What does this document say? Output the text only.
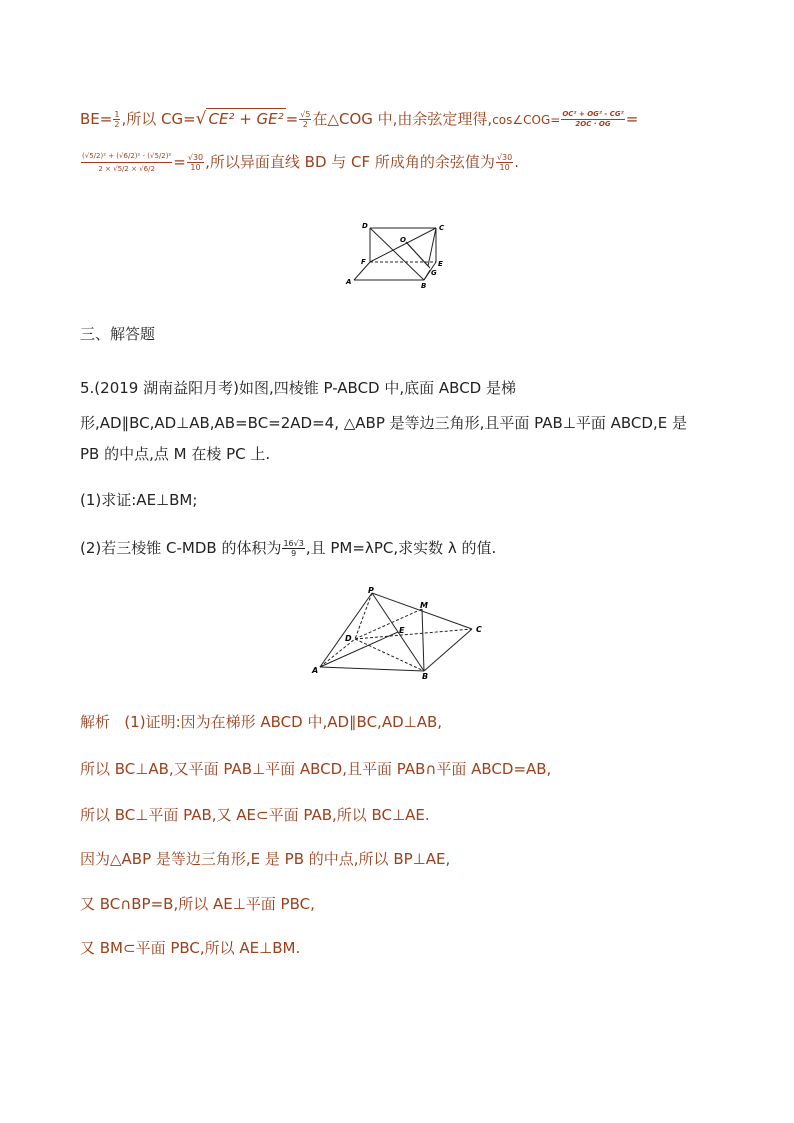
$BE= \frac{1}{2}$ ,所以 CG=√ $CE^2 + GE^2 = \frac{√5}{2}$ 在△COG 中,由余弦定理得,cos∠COG= $\frac{\text{OC² + OG² - CG²}}{2OC \cdot OG}$ =
$\frac{\text{(√5/2)² + (√6/2)² - (√5/2)²}}{2 \times √5/2 \times √6/2} = \frac{√30}{10}$ ,所以异面直线 BD 与 CF 所成角的余弦值为 $\frac{√30}{10}$ .
D	C
O
F	E
G
A	B
三、解答题
5.(2019 湖南益阳月考)如图,四棱锥 P-ABCD 中,底面 ABCD 是梯
形,AD∥BC,AD⊥AB,AB=BC=2AD=4, △ABP 是等边三角形,且平面 PAB⊥平面 ABCD,E 是
PB 的中点,点 M 在棱 PC 上.
(1)求证:AE⊥BM;
(2)若三棱锥 C-MDB 的体积为 $\frac{16√3}{9}$ ,且 PM=λPC,求实数 λ 的值.
P
M
C
D
E
A
B
解析 (1)证明:因为在梯形 ABCD 中,AD∥BC,AD⊥AB,
所以 BC⊥AB,又平面 PAB⊥平面 ABCD,且平面 PAB∩平面 ABCD=AB,
所以 BC⊥平面 PAB,又 AE⊂平面 PAB,所以 BC⊥AE.
因为△ABP 是等边三角形,E 是 PB 的中点,所以 BP⊥AE,
又 BC∩BP=B,所以 AE⊥平面 PBC,
又 BM⊂平面 PBC,所以 AE⊥BM.
